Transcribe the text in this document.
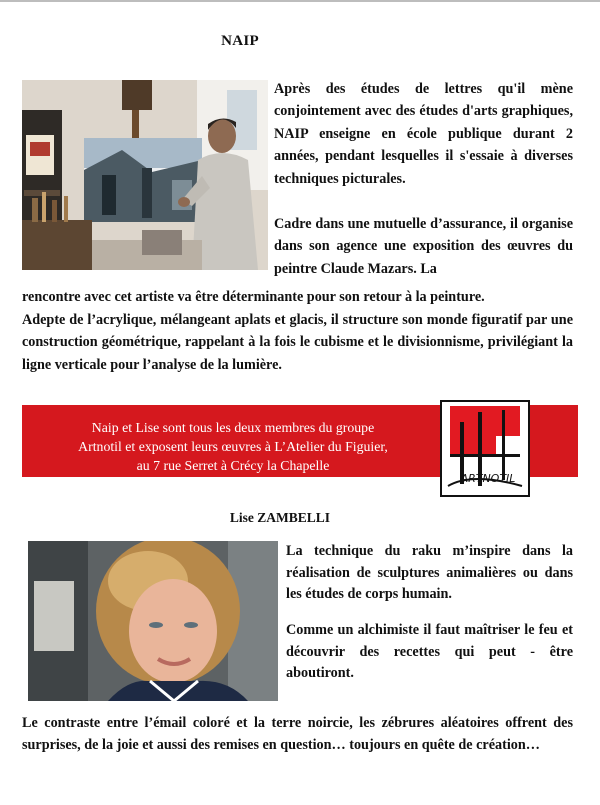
NAIP

Après des études de lettres qu'il mène conjointement avec des études d'arts graphiques, NAIP enseigne en école publique durant 2 années, pendant lesquelles il s'essaie à diverses techniques picturales.

Cadre dans une mutuelle d’assurance, il organise dans son agence une exposition des œuvres du peintre Claude Mazars. La

rencontre avec cet artiste va être déterminante pour son retour à la peinture.

Adepte de l’acrylique, mélangeant aplats et glacis, il structure son monde figuratif par une construction géométrique, rappelant à la fois le cubisme et le divisionnisme, privilégiant la ligne verticale pour l’analyse de la lumière.

Naip et Lise sont tous les deux membres du groupe
Artnotil et exposent leurs œuvres à L’Atelier du Figuier,
au 7 rue Serret à Crécy la Chapelle
ARTNOTIL
Lise ZAMBELLI

La technique du raku m’inspire dans la réalisation de sculptures animalières ou dans les études de corps humain.

Comme un alchimiste il faut maîtriser le feu et découvrir des recettes qui peut - être aboutiront.

Le contraste entre l’émail coloré et la terre noircie, les zébrures aléatoires offrent des surprises, de la joie et aussi des remises en question… toujours en quête de création…
